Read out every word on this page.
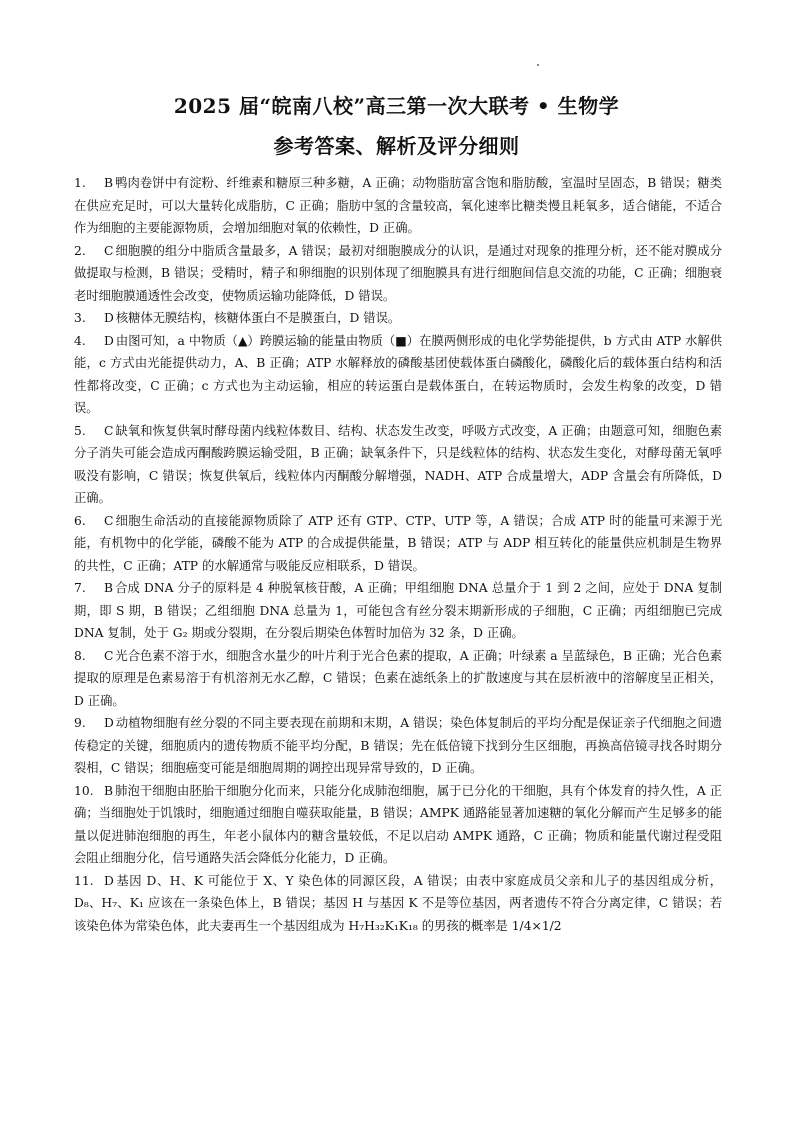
2025 届“皖南八校”高三第一次大联考 • 生物学
参考答案、解析及评分细则

1. B 鸭肉卷饼中有淀粉、纤维素和糖原三种多糖，A 正确；动物脂肪富含饱和脂肪酸，室温时呈固态，B 错误；糖类在供应充足时，可以大量转化成脂肪，C 正确；脂肪中氢的含量较高，氧化速率比糖类慢且耗氧多，适合储能，不适合作为细胞的主要能源物质，会增加细胞对氧的依赖性，D 正确。

2. C 细胞膜的组分中脂质含量最多，A 错误；最初对细胞膜成分的认识，是通过对现象的推理分析，还不能对膜成分做提取与检测，B 错误；受精时，精子和卵细胞的识别体现了细胞膜具有进行细胞间信息交流的功能，C 正确；细胞衰老时细胞膜通透性会改变，使物质运输功能降低，D 错误。

3. D 核糖体无膜结构，核糖体蛋白不是膜蛋白，D 错误。

4. D 由图可知，a 中物质（▲）跨膜运输的能量由物质（■）在膜两侧形成的电化学势能提供，b 方式由 ATP 水解供能，c 方式由光能提供动力，A、B 正确；ATP 水解释放的磷酸基团使载体蛋白磷酸化，磷酸化后的载体蛋白结构和活性都将改变，C 正确；c 方式也为主动运输，相应的转运蛋白是载体蛋白，在转运物质时，会发生构象的改变，D 错误。

5. C 缺氧和恢复供氧时酵母菌内线粒体数目、结构、状态发生改变，呼吸方式改变，A 正确；由题意可知，细胞色素分子消失可能会造成丙酮酸跨膜运输受阻，B 正确；缺氧条件下，只是线粒体的结构、状态发生变化，对酵母菌无氧呼吸没有影响，C 错误；恢复供氧后，线粒体内丙酮酸分解增强，NADH、ATP 合成量增大，ADP 含量会有所降低，D 正确。

6. C 细胞生命活动的直接能源物质除了 ATP 还有 GTP、CTP、UTP 等，A 错误；合成 ATP 时的能量可来源于光能，有机物中的化学能，磷酸不能为 ATP 的合成提供能量，B 错误；ATP 与 ADP 相互转化的能量供应机制是生物界的共性，C 正确；ATP 的水解通常与吸能反应相联系，D 错误。

7. B 合成 DNA 分子的原料是 4 种脱氧核苷酸，A 正确；甲组细胞 DNA 总量介于 1 到 2 之间，应处于 DNA 复制期，即 S 期，B 错误；乙组细胞 DNA 总量为 1，可能包含有丝分裂末期新形成的子细胞，C 正确；丙组细胞已完成 DNA 复制，处于 G₂ 期或分裂期，在分裂后期染色体暂时加倍为 32 条，D 正确。

8. C 光合色素不溶于水，细胞含水量少的叶片利于光合色素的提取，A 正确；叶绿素 a 呈蓝绿色，B 正确；光合色素提取的原理是色素易溶于有机溶剂无水乙醇，C 错误；色素在滤纸条上的扩散速度与其在层析液中的溶解度呈正相关，D 正确。

9. D 动植物细胞有丝分裂的不同主要表现在前期和末期，A 错误；染色体复制后的平均分配是保证亲子代细胞之间遗传稳定的关键，细胞质内的遗传物质不能平均分配，B 错误；先在低倍镜下找到分生区细胞，再换高倍镜寻找各时期分裂相，C 错误；细胞癌变可能是细胞周期的调控出现异常导致的，D 正确。

10. B 肺泡干细胞由胚胎干细胞分化而来，只能分化成肺泡细胞，属于已分化的干细胞，具有个体发育的持久性，A 正确；当细胞处于饥饿时，细胞通过细胞自噬获取能量，B 错误；AMPK 通路能显著加速糖的氧化分解而产生足够多的能量以促进肺泡细胞的再生，年老小鼠体内的糖含量较低，不足以启动 AMPK 通路，C 正确；物质和能量代谢过程受阻会阻止细胞分化，信号通路失活会降低分化能力，D 正确。

11. D 基因 D、H、K 可能位于 X、Y 染色体的同源区段，A 错误；由表中家庭成员父亲和儿子的基因组成分析，D₈、H₇、K₁ 应该在一条染色体上，B 错误；基因 H 与基因 K 不是等位基因，两者遗传不符合分离定律，C 错误；若该染色体为常染色体，此夫妻再生一个基因组成为 H₇H₃₂K₁K₁₈ 的男孩的概率是 1/4×1/2
